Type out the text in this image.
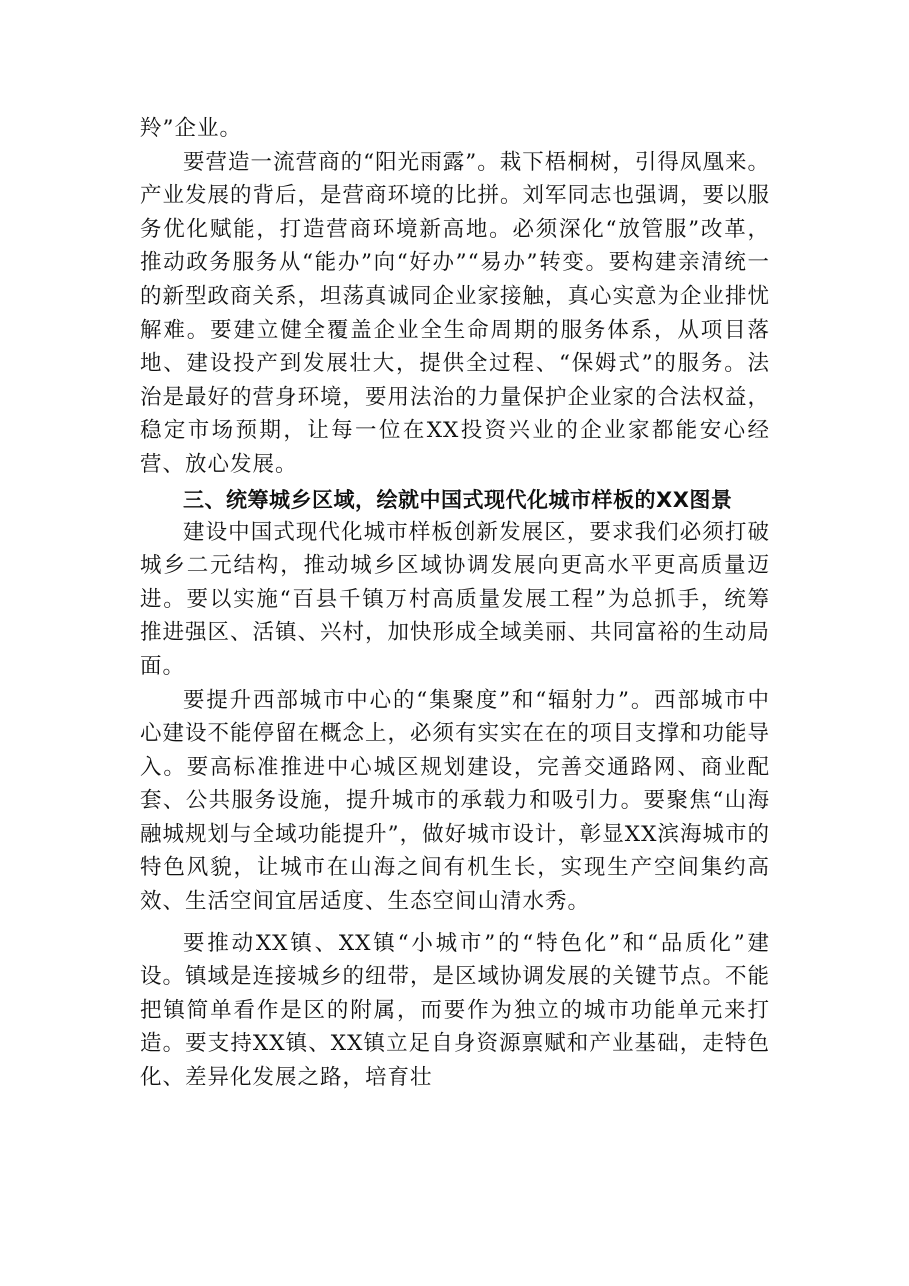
羚”企业。

要营造一流营商的“阳光雨露”。栽下梧桐树，引得凤凰来。产业发展的背后，是营商环境的比拼。刘军同志也强调，要以服务优化赋能，打造营商环境新高地。必须深化“放管服”改革，推动政务服务从“能办”向“好办”“易办”转变。要构建亲清统一的新型政商关系，坦荡真诚同企业家接触，真心实意为企业排忧解难。要建立健全覆盖企业全生命周期的服务体系，从项目落地、建设投产到发展壮大，提供全过程、“保姆式”的服务。法治是最好的营身环境，要用法治的力量保护企业家的合法权益，稳定市场预期，让每一位在XX投资兴业的企业家都能安心经营、放心发展。

三、统筹城乡区域，绘就中国式现代化城市样板的XX图景

建设中国式现代化城市样板创新发展区，要求我们必须打破城乡二元结构，推动城乡区域协调发展向更高水平更高质量迈进。要以实施“百县千镇万村高质量发展工程”为总抓手，统筹推进强区、活镇、兴村，加快形成全域美丽、共同富裕的生动局面。

要提升西部城市中心的“集聚度”和“辐射力”。西部城市中心建设不能停留在概念上，必须有实实在在的项目支撑和功能导入。要高标准推进中心城区规划建设，完善交通路网、商业配套、公共服务设施，提升城市的承载力和吸引力。要聚焦“山海融城规划与全域功能提升”，做好城市设计，彰显XX滨海城市的特色风貌，让城市在山海之间有机生长，实现生产空间集约高效、生活空间宜居适度、生态空间山清水秀。

要推动XX镇、XX镇“小城市”的“特色化”和“品质化”建设。镇域是连接城乡的纽带，是区域协调发展的关键节点。不能把镇简单看作是区的附属，而要作为独立的城市功能单元来打造。要支持XX镇、XX镇立足自身资源禀赋和产业基础，走特色化、差异化发展之路，培育壮
